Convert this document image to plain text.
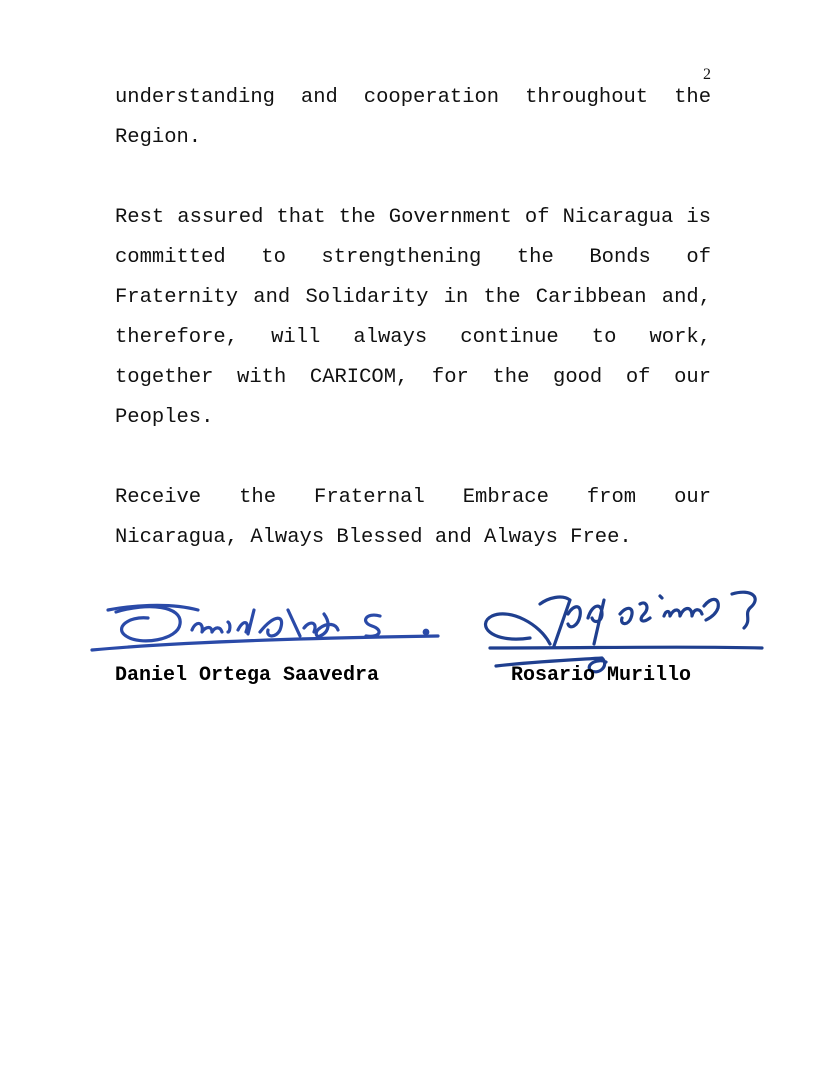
2

understanding and cooperation throughout the Region.

Rest assured that the Government of Nicaragua is committed to strengthening the Bonds of Fraternity and Solidarity in the Caribbean and, therefore, will always continue to work, together with CARICOM, for the good of our Peoples.

Receive the Fraternal Embrace from our Nicaragua, Always Blessed and Always Free.

Daniel Ortega Saavedra	Rosario Murillo
